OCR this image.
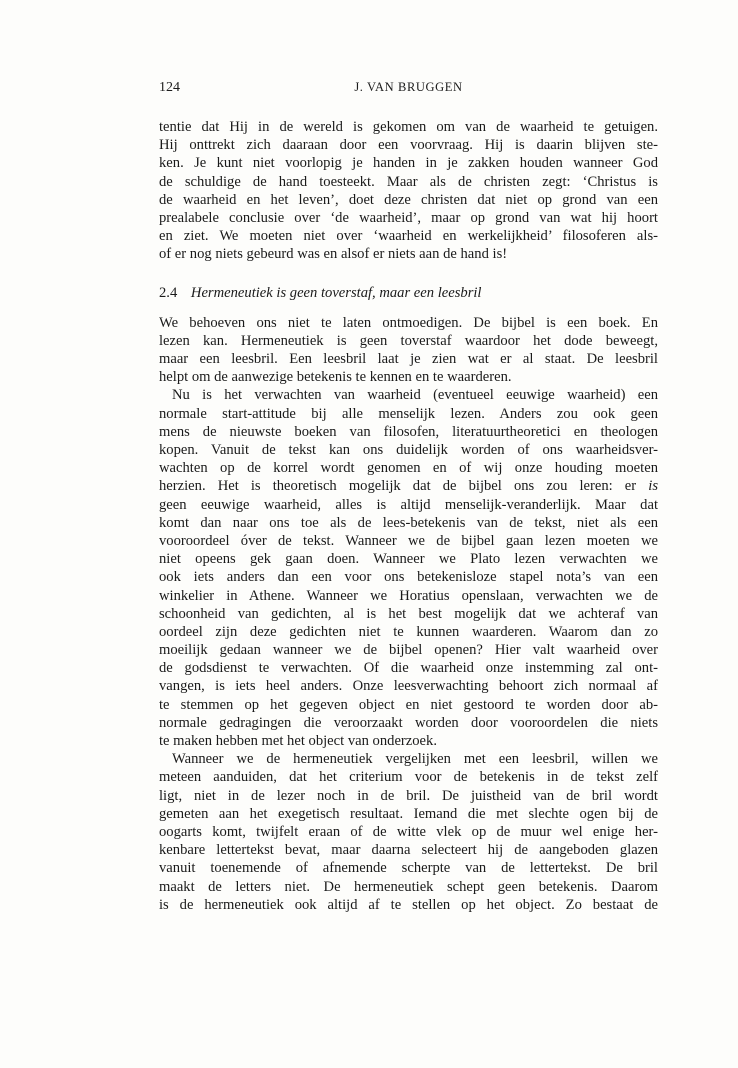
124	J. VAN BRUGGEN
tentie dat Hij in de wereld is gekomen om van de waarheid te getuigen.
Hij onttrekt zich daaraan door een voorvraag. Hij is daarin blijven ste-
ken. Je kunt niet voorlopig je handen in je zakken houden wanneer God
de schuldige de hand toesteekt. Maar als de christen zegt: ‘Christus is
de waarheid en het leven’, doet deze christen dat niet op grond van een
prealabele conclusie over ‘de waarheid’, maar op grond van wat hij hoort
en ziet. We moeten niet over ‘waarheid en werkelijkheid’ filosoferen als-
of er nog niets gebeurd was en alsof er niets aan de hand is!
2.4 Hermeneutiek is geen toverstaf, maar een leesbril
We behoeven ons niet te laten ontmoedigen. De bijbel is een boek. En
lezen kan. Hermeneutiek is geen toverstaf waardoor het dode beweegt,
maar een leesbril. Een leesbril laat je zien wat er al staat. De leesbril
helpt om de aanwezige betekenis te kennen en te waarderen.
Nu is het verwachten van waarheid (eventueel eeuwige waarheid) een
normale start-attitude bij alle menselijk lezen. Anders zou ook geen
mens de nieuwste boeken van filosofen, literatuurtheoretici en theologen
kopen. Vanuit de tekst kan ons duidelijk worden of ons waarheidsver-
wachten op de korrel wordt genomen en of wij onze houding moeten
herzien. Het is theoretisch mogelijk dat de bijbel ons zou leren: er is
geen eeuwige waarheid, alles is altijd menselijk-veranderlijk. Maar dat
komt dan naar ons toe als de lees-betekenis van de tekst, niet als een
vooroordeel óver de tekst. Wanneer we de bijbel gaan lezen moeten we
niet opeens gek gaan doen. Wanneer we Plato lezen verwachten we
ook iets anders dan een voor ons betekenisloze stapel nota’s van een
winkelier in Athene. Wanneer we Horatius openslaan, verwachten we de
schoonheid van gedichten, al is het best mogelijk dat we achteraf van
oordeel zijn deze gedichten niet te kunnen waarderen. Waarom dan zo
moeilijk gedaan wanneer we de bijbel openen? Hier valt waarheid over
de godsdienst te verwachten. Of die waarheid onze instemming zal ont-
vangen, is iets heel anders. Onze leesverwachting behoort zich normaal af
te stemmen op het gegeven object en niet gestoord te worden door ab-
normale gedragingen die veroorzaakt worden door vooroordelen die niets
te maken hebben met het object van onderzoek.
Wanneer we de hermeneutiek vergelijken met een leesbril, willen we
meteen aanduiden, dat het criterium voor de betekenis in de tekst zelf
ligt, niet in de lezer noch in de bril. De juistheid van de bril wordt
gemeten aan het exegetisch resultaat. Iemand die met slechte ogen bij de
oogarts komt, twijfelt eraan of de witte vlek op de muur wel enige her-
kenbare lettertekst bevat, maar daarna selecteert hij de aangeboden glazen
vanuit toenemende of afnemende scherpte van de lettertekst. De bril
maakt de letters niet. De hermeneutiek schept geen betekenis. Daarom
is de hermeneutiek ook altijd af te stellen op het object. Zo bestaat de
